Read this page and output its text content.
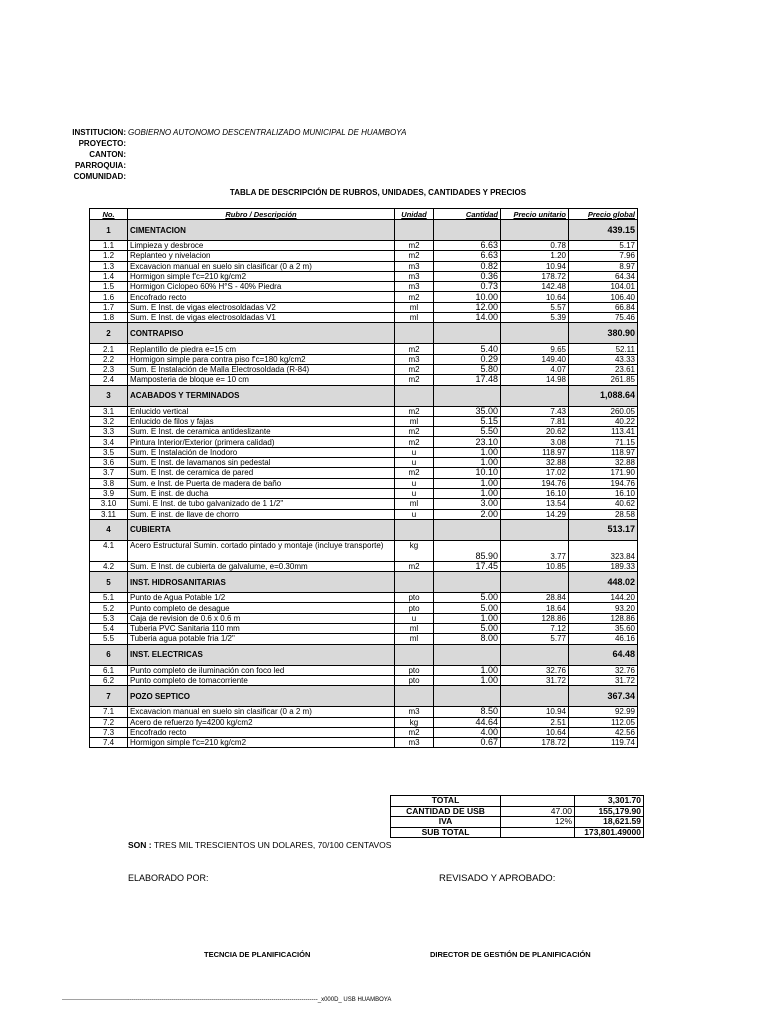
INSTITUCION: GOBIERNO AUTONOMO DESCENTRALIZADO MUNICIPAL DE HUAMBOYA
PROYECTO:
CANTON:
PARROQUIA:
COMUNIDAD:
TABLA DE DESCRIPCIÓN DE RUBROS, UNIDADES, CANTIDADES Y PRECIOS
No.	Rubro / Descripción	Unidad	Cantidad	Precio unitario	Precio global
1	CIMENTACION				439.15
1.1	Limpieza y desbroce	m2	6.63	0.78	5.17
1.2	Replanteo y nivelacion	m2	6.63	1.20	7.96
1.3	Excavacion manual en suelo sin clasificar (0 a 2 m)	m3	0.82	10.94	8.97
1.4	Hormigon simple f'c=210 kg/cm2	m3	0.36	178.72	64.34
1.5	Hormigon Ciclopeo 60% H°S - 40% Piedra	m3	0.73	142.48	104.01
1.6	Encofrado recto	m2	10.00	10.64	106.40
1.7	Sum. E Inst. de vigas electrosoldadas V2	ml	12.00	5.57	66.84
1.8	Sum. E Inst. de vigas electrosoldadas V1	ml	14.00	5.39	75.46
2	CONTRAPISO				380.90
2.1	Replantillo de piedra e=15 cm	m2	5.40	9.65	52.11
2.2	Hormigon simple para contra piso f'c=180 kg/cm2	m3	0.29	149.40	43.33
2.3	Sum. E Instalación de Malla Electrosoldada (R-84)	m2	5.80	4.07	23.61
2.4	Mamposteria de bloque e= 10 cm	m2	17.48	14.98	261.85
3	ACABADOS Y TERMINADOS				1,088.64
3.1	Enlucido vertical	m2	35.00	7.43	260.05
3.2	Enlucido de filos y fajas	ml	5.15	7.81	40.22
3.3	Sum. E Inst. de ceramica antideslizante	m2	5.50	20.62	113.41
3.4	Pintura Interior/Exterior (primera calidad)	m2	23.10	3.08	71.15
3.5	Sum. E Instalación de Inodoro	u	1.00	118.97	118.97
3.6	Sum. E Inst. de lavamanos sin pedestal	u	1.00	32.88	32.88
3.7	Sum. E Inst. de ceramica de pared	m2	10.10	17.02	171.90
3.8	Sum. e Inst. de Puerta de madera de baño	u	1.00	194.76	194.76
3.9	Sum. E inst. de ducha	u	1.00	16.10	16.10
3.10	Sumi. E Inst. de tubo galvanizado de 1 1/2"	ml	3.00	13.54	40.62
3.11	Sum. E inst. de llave de chorro	u	2.00	14.29	28.58
4	CUBIERTA				513.17
4.1	Acero Estructural Sumin. cortado pintado y montaje (incluye transporte)	kg	85.90	3.77	323.84
4.2	Sum. E Inst. de cubierta de galvalume, e=0.30mm	m2	17.45	10.85	189.33
5	INST. HIDROSANITARIAS				448.02
5.1	Punto de Agua Potable 1/2	pto	5.00	28.84	144.20
5.2	Punto completo de desague	pto	5.00	18.64	93.20
5.3	Caja de revision de 0.6 x 0.6 m	u	1.00	128.86	128.86
5.4	Tuberia PVC Sanitaria 110 mm	ml	5.00	7.12	35.60
5.5	Tuberia agua potable fria 1/2"	ml	8.00	5.77	46.16
6	INST. ELECTRICAS				64.48
6.1	Punto completo de iluminación con foco led	pto	1.00	32.76	32.76
6.2	Punto completo de tomacorriente	pto	1.00	31.72	31.72
7	POZO SEPTICO				367.34
7.1	Excavacion manual en suelo sin clasificar (0 a 2 m)	m3	8.50	10.94	92.99
7.2	Acero de refuerzo fy=4200 kg/cm2	kg	44.64	2.51	112.05
7.3	Encofrado recto	m2	4.00	10.64	42.56
7.4	Hormigon simple f'c=210 kg/cm2	m3	0.67	178.72	119.74
TOTAL		3,301.70
CANTIDAD DE USB	47.00	155,179.90
IVA	12%	18,621.59
SUB TOTAL		173,801.49000
SON : TRES MIL TRESCIENTOS UN DOLARES, 70/100 CENTAVOS
ELABORADO POR:	REVISADO Y APROBADO:
TECNCIA DE PLANIFICACIÓN	DIRECTOR DE GESTIÓN DE PLANIFICACIÓN
--------------------------------------------------------------------------------------------------------------------------------_x000D_ USB HUAMBOYA
